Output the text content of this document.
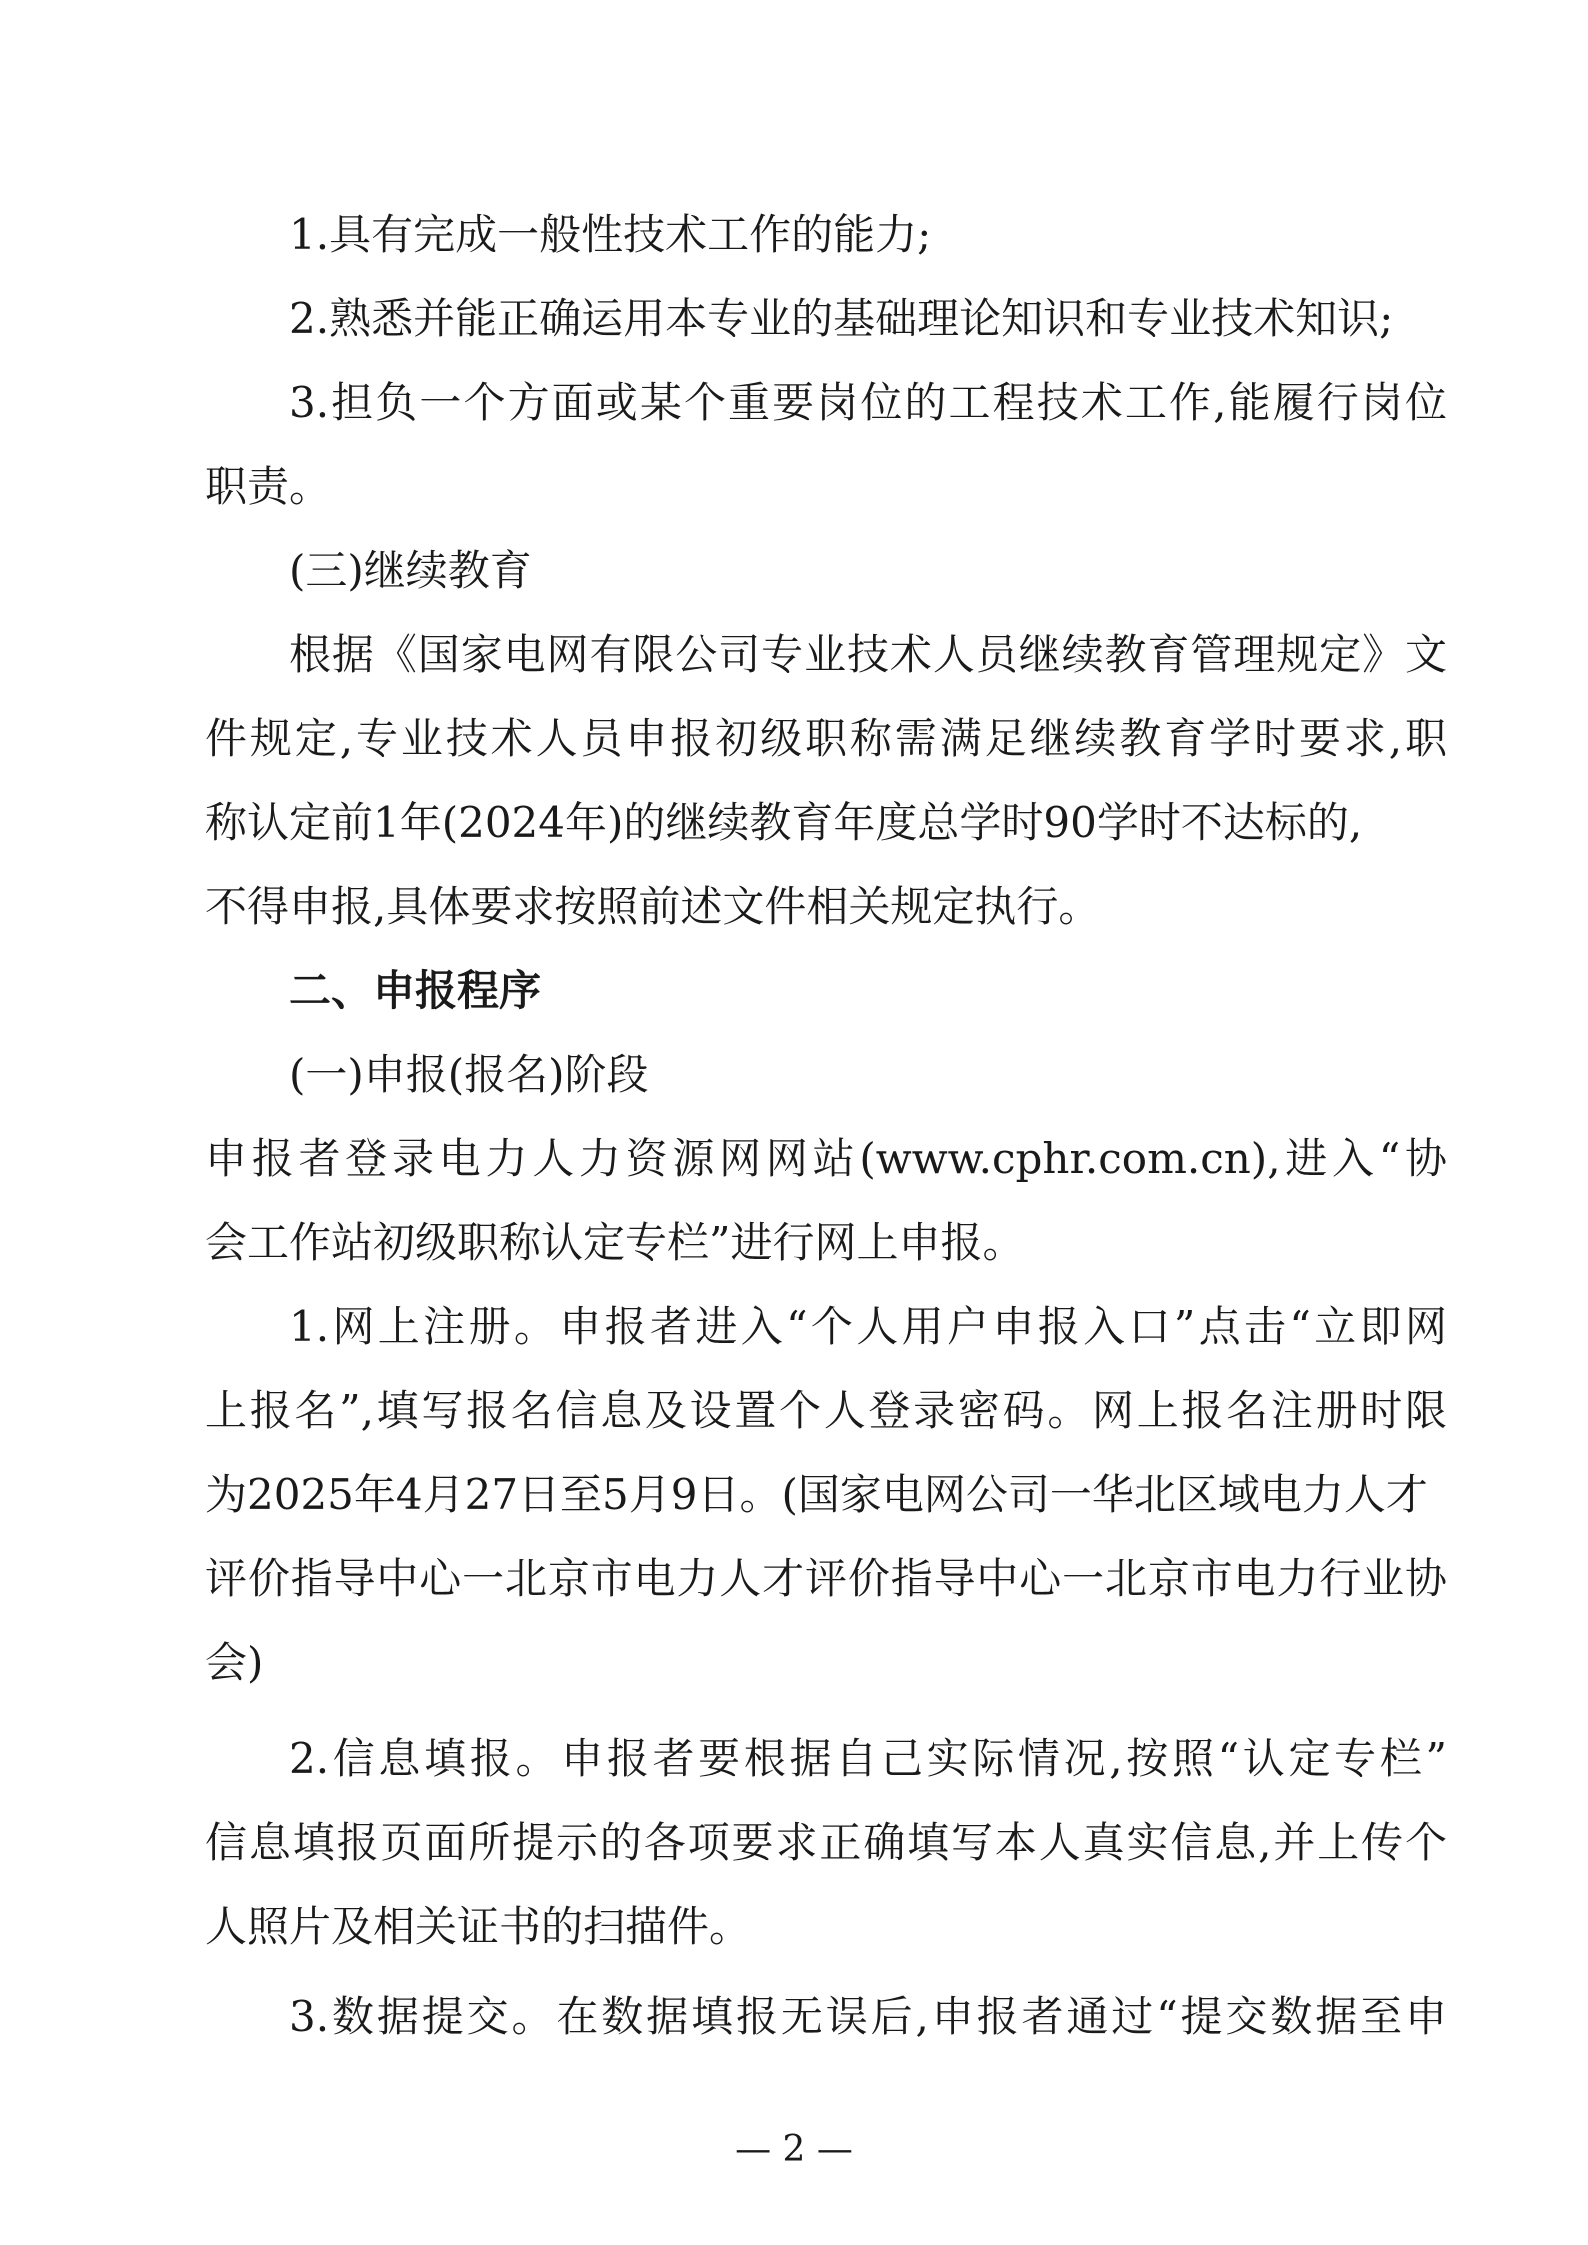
1.具有完成一般性技术工作的能力;
2.熟悉并能正确运用本专业的基础理论知识和专业技术知识;
3.担负一个方面或某个重要岗位的工程技术工作,能履行岗位
职责。
(三)继续教育
根据《国家电网有限公司专业技术人员继续教育管理规定》文
件规定,专业技术人员申报初级职称需满足继续教育学时要求,职
称认定前1年(2024年)的继续教育年度总学时90学时不达标的,
不得申报,具体要求按照前述文件相关规定执行。
二、申报程序
(一)申报(报名)阶段
申报者登录电力人力资源网网站(www.cphr.com.cn),进入“协
会工作站初级职称认定专栏”进行网上申报。
1.网上注册。申报者进入“个人用户申报入口”点击“立即网
上报名”,填写报名信息及设置个人登录密码。网上报名注册时限
为2025年4月27日至5月9日。(国家电网公司一华北区域电力人才
评价指导中心一北京市电力人才评价指导中心一北京市电力行业协
会)
2.信息填报。申报者要根据自己实际情况,按照“认定专栏”
信息填报页面所提示的各项要求正确填写本人真实信息,并上传个
人照片及相关证书的扫描件。
3.数据提交。在数据填报无误后,申报者通过“提交数据至申
— 2 —
